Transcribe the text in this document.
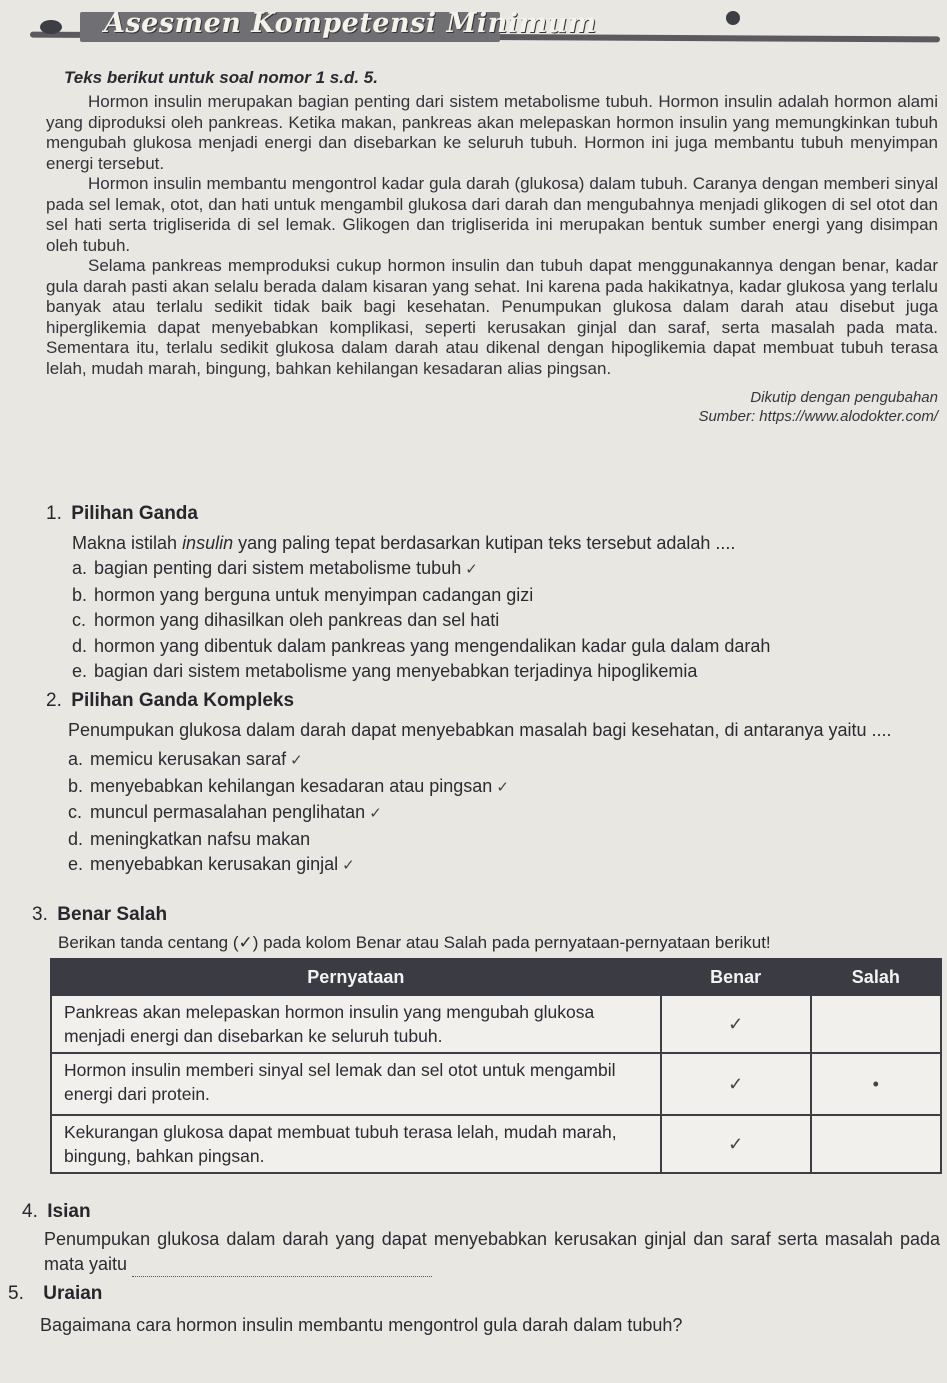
Asesmen Kompetensi Minimum
Teks berikut untuk soal nomor 1 s.d. 5.

Hormon insulin merupakan bagian penting dari sistem metabolisme tubuh. Hormon insulin adalah hormon alami yang diproduksi oleh pankreas. Ketika makan, pankreas akan melepaskan hormon insulin yang memungkinkan tubuh mengubah glukosa menjadi energi dan disebarkan ke seluruh tubuh. Hormon ini juga membantu tubuh menyimpan energi tersebut.

Hormon insulin membantu mengontrol kadar gula darah (glukosa) dalam tubuh. Caranya dengan memberi sinyal pada sel lemak, otot, dan hati untuk mengambil glukosa dari darah dan mengubahnya menjadi glikogen di sel otot dan sel hati serta trigliserida di sel lemak. Glikogen dan trigliserida ini merupakan bentuk sumber energi yang disimpan oleh tubuh.

Selama pankreas memproduksi cukup hormon insulin dan tubuh dapat menggunakannya dengan benar, kadar gula darah pasti akan selalu berada dalam kisaran yang sehat. Ini karena pada hakikatnya, kadar glukosa yang terlalu banyak atau terlalu sedikit tidak baik bagi kesehatan. Penumpukan glukosa dalam darah atau disebut juga hiperglikemia dapat menyebabkan komplikasi, seperti kerusakan ginjal dan saraf, serta masalah pada mata. Sementara itu, terlalu sedikit glukosa dalam darah atau dikenal dengan hipoglikemia dapat membuat tubuh terasa lelah, mudah marah, bingung, bahkan kehilangan kesadaran alias pingsan.

Dikutip dengan pengubahan
Sumber: https://www.alodokter.com/
1. Pilihan Ganda
Makna istilah insulin yang paling tepat berdasarkan kutipan teks tersebut adalah ....
a. bagian penting dari sistem metabolisme tubuh ✓
b. hormon yang berguna untuk menyimpan cadangan gizi
c. hormon yang dihasilkan oleh pankreas dan sel hati
d. hormon yang dibentuk dalam pankreas yang mengendalikan kadar gula dalam darah
e. bagian dari sistem metabolisme yang menyebabkan terjadinya hipoglikemia
2. Pilihan Ganda Kompleks
Penumpukan glukosa dalam darah dapat menyebabkan masalah bagi kesehatan, di antaranya yaitu ....
a. memicu kerusakan saraf ✓
b. menyebabkan kehilangan kesadaran atau pingsan ✓
c. muncul permasalahan penglihatan ✓
d. meningkatkan nafsu makan
e. menyebabkan kerusakan ginjal ✓
3. Benar Salah
Berikan tanda centang (✓) pada kolom Benar atau Salah pada pernyataan-pernyataan berikut!
Pernyataan	Benar	Salah
Pankreas akan melepaskan hormon insulin yang mengubah glukosa menjadi energi dan disebarkan ke seluruh tubuh.	✓	
Hormon insulin memberi sinyal sel lemak dan sel otot untuk mengambil energi dari protein.	✓	•
Kekurangan glukosa dapat membuat tubuh terasa lelah, mudah marah, bingung, bahkan pingsan.	✓	
4. Isian
Penumpukan glukosa dalam darah yang dapat menyebabkan kerusakan ginjal dan saraf serta masalah pada mata yaitu
5. Uraian
Bagaimana cara hormon insulin membantu mengontrol gula darah dalam tubuh?
